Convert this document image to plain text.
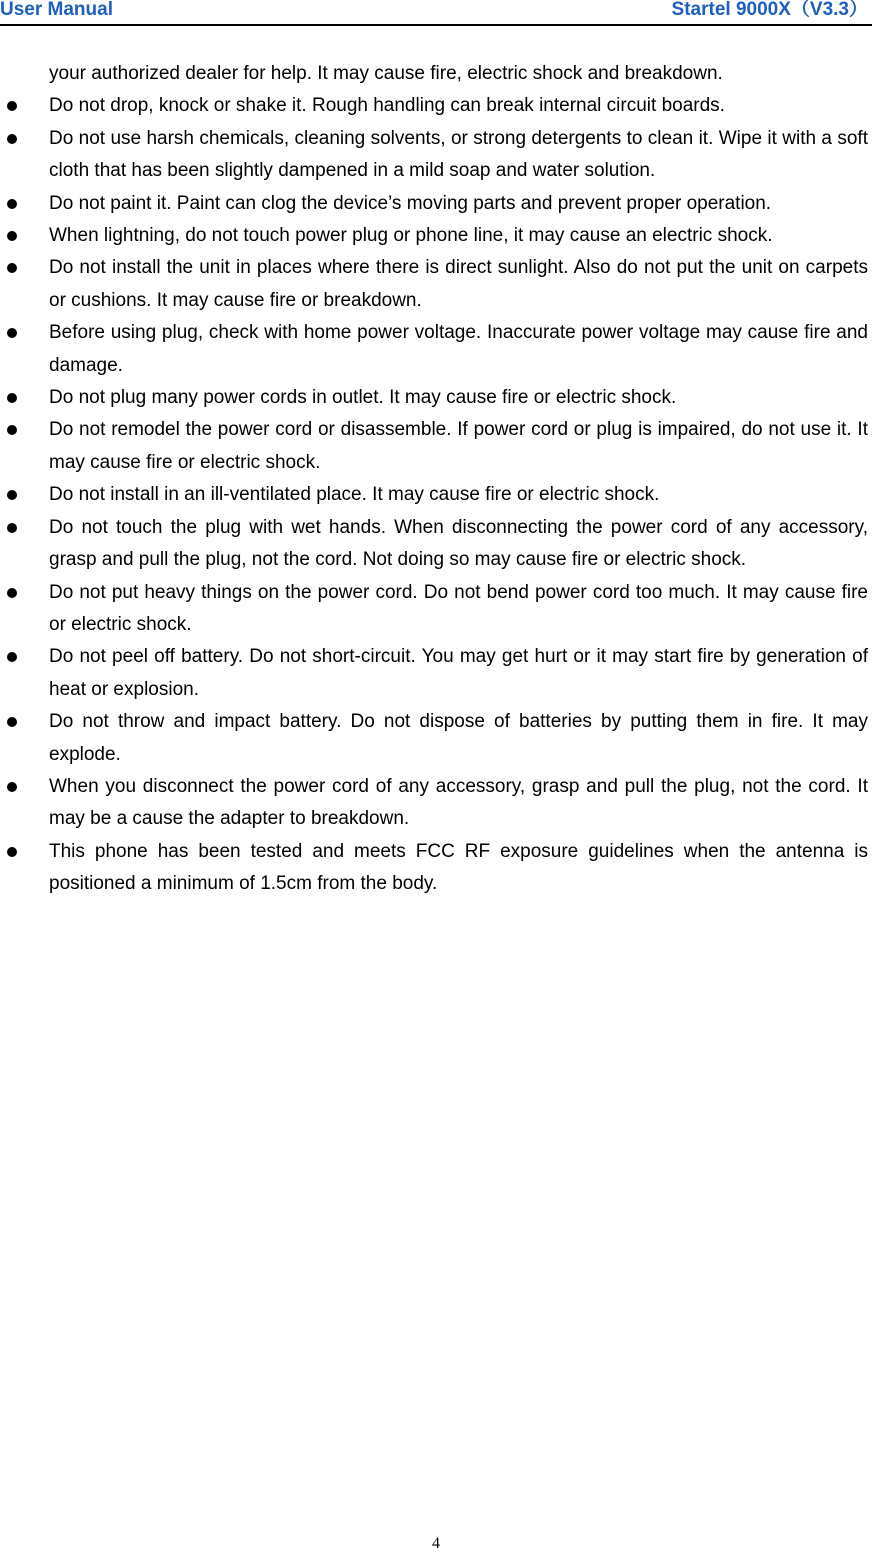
User Manual	Startel 9000X（V3.3）
your authorized dealer for help. It may cause fire, electric shock and breakdown.
Do not drop, knock or shake it. Rough handling can break internal circuit boards.
Do not use harsh chemicals, cleaning solvents, or strong detergents to clean it. Wipe it with a soft cloth that has been slightly dampened in a mild soap and water solution.
Do not paint it. Paint can clog the device’s moving parts and prevent proper operation.
When lightning, do not touch power plug or phone line, it may cause an electric shock.
Do not install the unit in places where there is direct sunlight. Also do not put the unit on carpets or cushions. It may cause fire or breakdown.
Before using plug, check with home power voltage. Inaccurate power voltage may cause fire and damage.
Do not plug many power cords in outlet. It may cause fire or electric shock.
Do not remodel the power cord or disassemble. If power cord or plug is impaired, do not use it. It may cause fire or electric shock.
Do not install in an ill-ventilated place. It may cause fire or electric shock.
Do not touch the plug with wet hands. When disconnecting the power cord of any accessory, grasp and pull the plug, not the cord. Not doing so may cause fire or electric shock.
Do not put heavy things on the power cord. Do not bend power cord too much. It may cause fire or electric shock.
Do not peel off battery. Do not short-circuit. You may get hurt or it may start fire by generation of heat or explosion.
Do not throw and impact battery. Do not dispose of batteries by putting them in fire. It may explode.
When you disconnect the power cord of any accessory, grasp and pull the plug, not the cord. It may be a cause the adapter to breakdown.
This phone has been tested and meets FCC RF exposure guidelines when the antenna is positioned a minimum of 1.5cm from the body.
4
